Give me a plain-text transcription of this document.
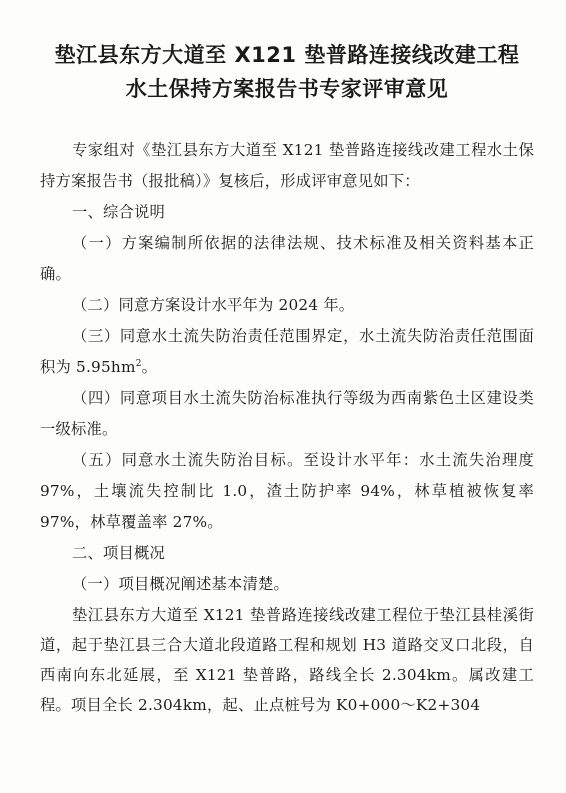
垫江县东方大道至 X121 垫普路连接线改建工程
水土保持方案报告书专家评审意见

专家组对《垫江县东方大道至 X121 垫普路连接线改建工程水土保持方案报告书（报批稿）》复核后，形成评审意见如下：

一、综合说明

（一）方案编制所依据的法律法规、技术标准及相关资料基本正确。

（二）同意方案设计水平年为 2024 年。

（三）同意水土流失防治责任范围界定，水土流失防治责任范围面积为 $5.95hm^2$。

（四）同意项目水土流失防治标准执行等级为西南紫色土区建设类一级标准。

（五）同意水土流失防治目标。至设计水平年：水土流失治理度 97%，土壤流失控制比 1.0，渣土防护率 94%，林草植被恢复率 97%，林草覆盖率 27%。

二、项目概况

（一）项目概况阐述基本清楚。

垫江县东方大道至 X121 垫普路连接线改建工程位于垫江县桂溪街道，起于垫江县三合大道北段道路工程和规划 H3 道路交叉口北段，自西南向东北延展，至 X121 垫普路，路线全长 2.304km。属改建工程。项目全长 2.304km，起、止点桩号为 K0+000～K2+304
